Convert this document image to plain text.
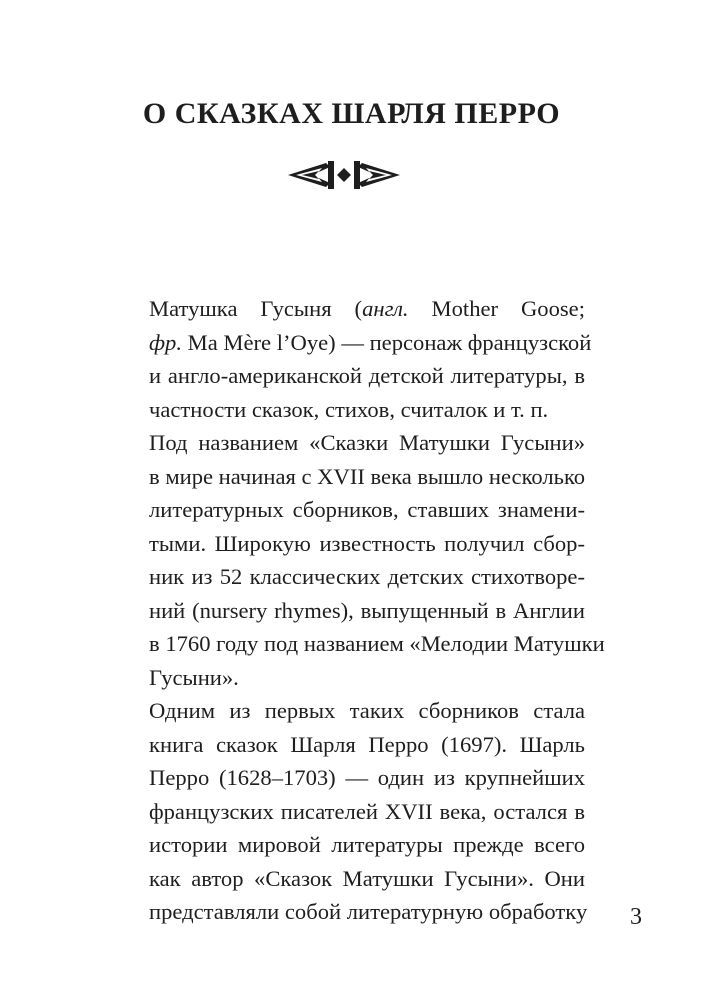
О СКАЗКАХ ШАРЛЯ ПЕРРО

Матушка Гусыня (англ. Mother Goose;
фр. Ma Mère l’Oye) — персонаж французской
и англо-американской детской литературы, в
частности сказок, стихов, считалок и т. п.

Под названием «Сказки Матушки Гусыни»
в мире начиная с XVII века вышло несколько
литературных сборников, ставших знамени-
тыми. Широкую известность получил сбор-
ник из 52 классических детских стихотворе-
ний (nursery rhymes), выпущенный в Англии
в 1760 году под названием «Мелодии Матушки
Гусыни».

Одним из первых таких сборников стала
книга сказок Шарля Перро (1697). Шарль
Перро (1628–1703) — один из крупнейших
французских писателей XVII века, остался в
истории мировой литературы прежде всего
как автор «Сказок Матушки Гусыни». Они
представляли собой литературную обработку	3
